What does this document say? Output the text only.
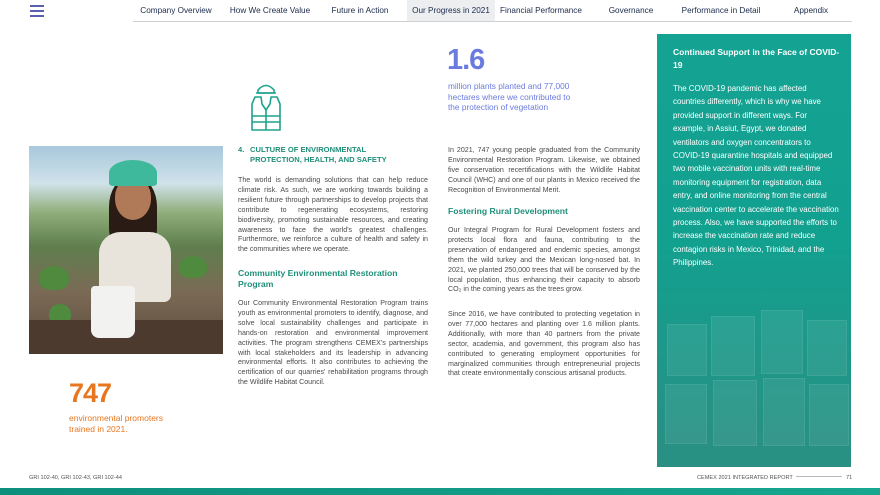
Company Overview	How We Create Value	Future in Action	Our Progress in 2021	Financial Performance	Governance	Performance in Detail	Appendix
747
environmental promoters
trained in 2021.
4. CULTURE OF ENVIRONMENTAL
PROTECTION, HEALTH, AND SAFETY
The world is demanding solutions that can help reduce climate risk. As such, we are working towards building a resilient future through partnerships to develop projects that contribute to regenerating ecosystems, restoring biodiversity, promoting sustainable resources, and creating awareness to face the world's greatest challenges. Furthermore, we reinforce a culture of health and safety in the communities where we operate.
Community Environmental Restoration
Program
Our Community Environmental Restoration Program trains youth as environmental promoters to identify, diagnose, and solve local sustainability challenges and participate in hands-on restoration and environmental improvement activities. The program strengthens CEMEX's partnerships with local stakeholders and its leadership in advancing environmental efforts. It also contributes to achieving the certification of our quarries' rehabilitation programs through the Wildlife Habitat Council.
1.6
million plants planted and 77,000
hectares where we contributed to
the protection of vegetation
In 2021, 747 young people graduated from the Community Environmental Restoration Program. Likewise, we obtained five conservation recertifications with the Wildlife Habitat Council (WHC) and one of our plants in Mexico received the Recognition of Environmental Merit.
Fostering Rural Development
Our Integral Program for Rural Development fosters and protects local flora and fauna, contributing to the preservation of endangered and endemic species, amongst them the wild turkey and the Mexican long-nosed bat. In 2021, we planted 250,000 trees that will be conserved by the local population, thus enhancing their capacity to absorb CO₂ in the coming years as the trees grow.
Since 2016, we have contributed to protecting vegetation in over 77,000 hectares and planting over 1.6 million plants. Additionally, with more than 40 partners from the private sector, academia, and government, this program also has contributed to generating employment opportunities for marginalized communities through entrepreneurial projects that create environmentally conscious artisanal products.
Continued Support in the Face of COVID-19
The COVID-19 pandemic has affected countries differently, which is why we have provided support in different ways. For example, in Assiut, Egypt, we donated ventilators and oxygen concentrators to COVID-19 quarantine hospitals and equipped two mobile vaccination units with real-time monitoring equipment for registration, data entry, and online monitoring from the central vaccination center to accelerate the vaccination process. Also, we have supported the efforts to increase the vaccination rate and reduce contagion risks in Mexico, Trinidad, and the Philippines.
GRI 102-40, GRI 102-43, GRI 102-44	CEMEX 2021 INTEGRATED REPORT	71
